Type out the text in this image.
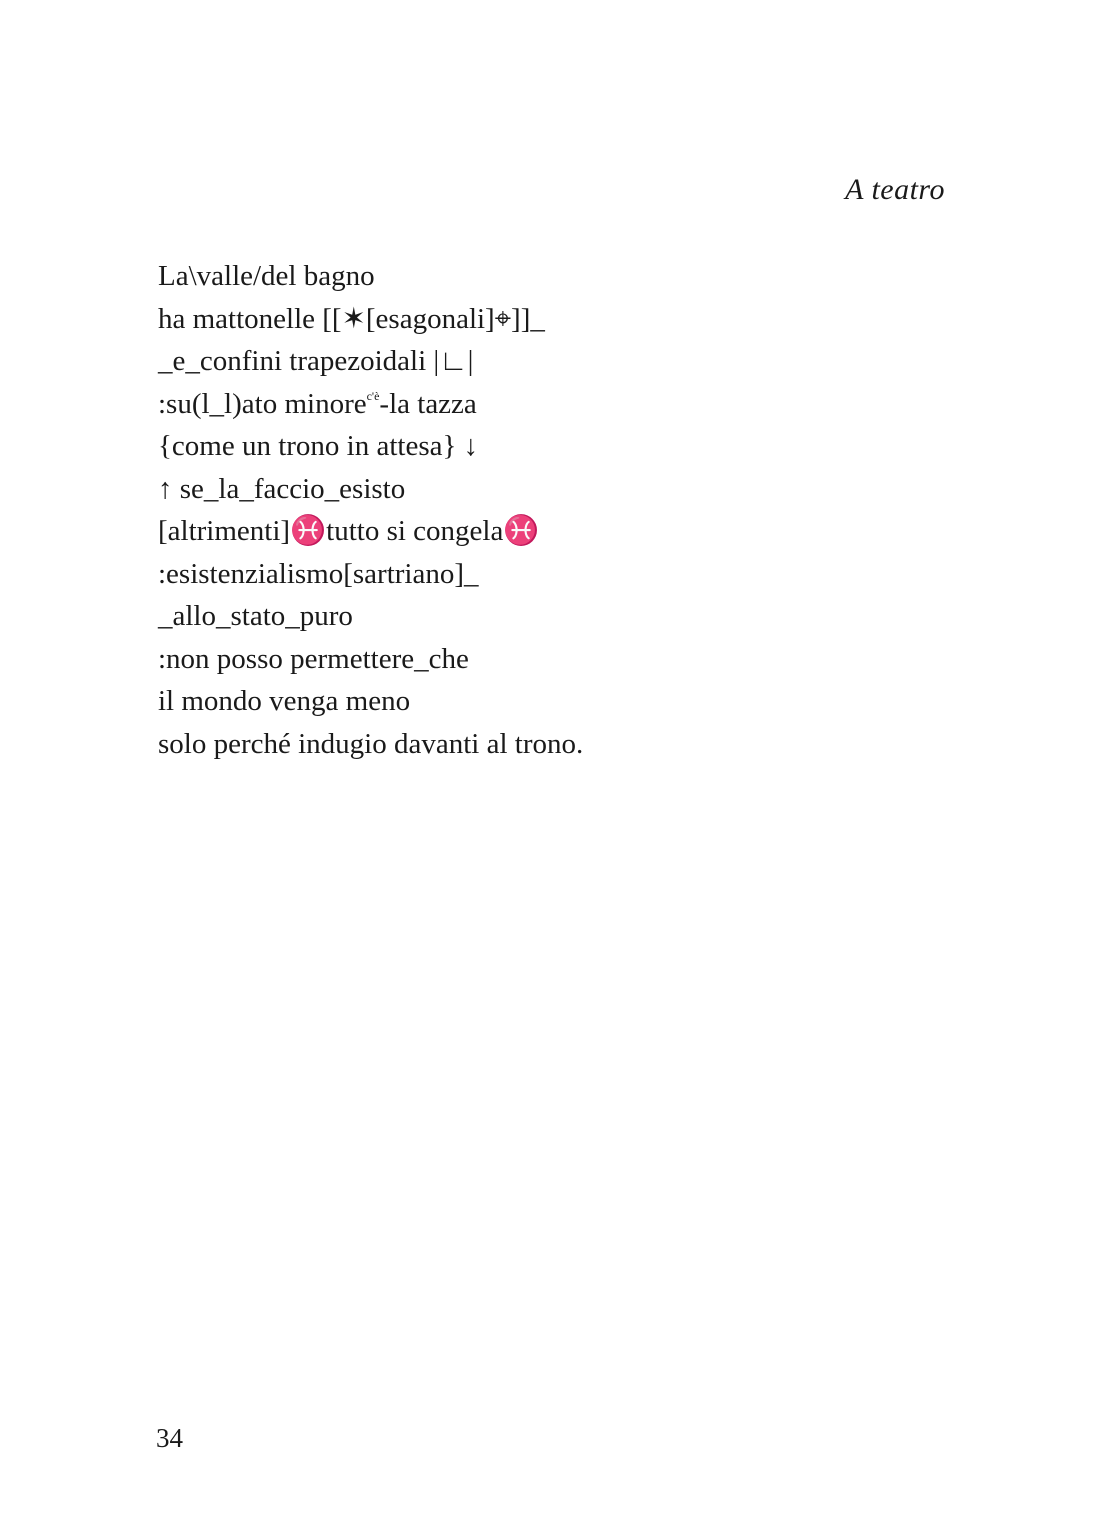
A teatro
La\valle/del bagno
ha mattonelle [[✶[esagonali]⌖]]_
_e_confini trapezoidali |∟|
:su(l_l)ato minore$^{c'è}$-la tazza
{come un trono in attesa} ↓
↑ se_la_faccio_esisto
[altrimenti]♓tutto si congela♓
:esistenzialismo[sartriano]_
_allo_stato_puro
:non posso permettere_che
il mondo venga meno
solo perché indugio davanti al trono.
34
